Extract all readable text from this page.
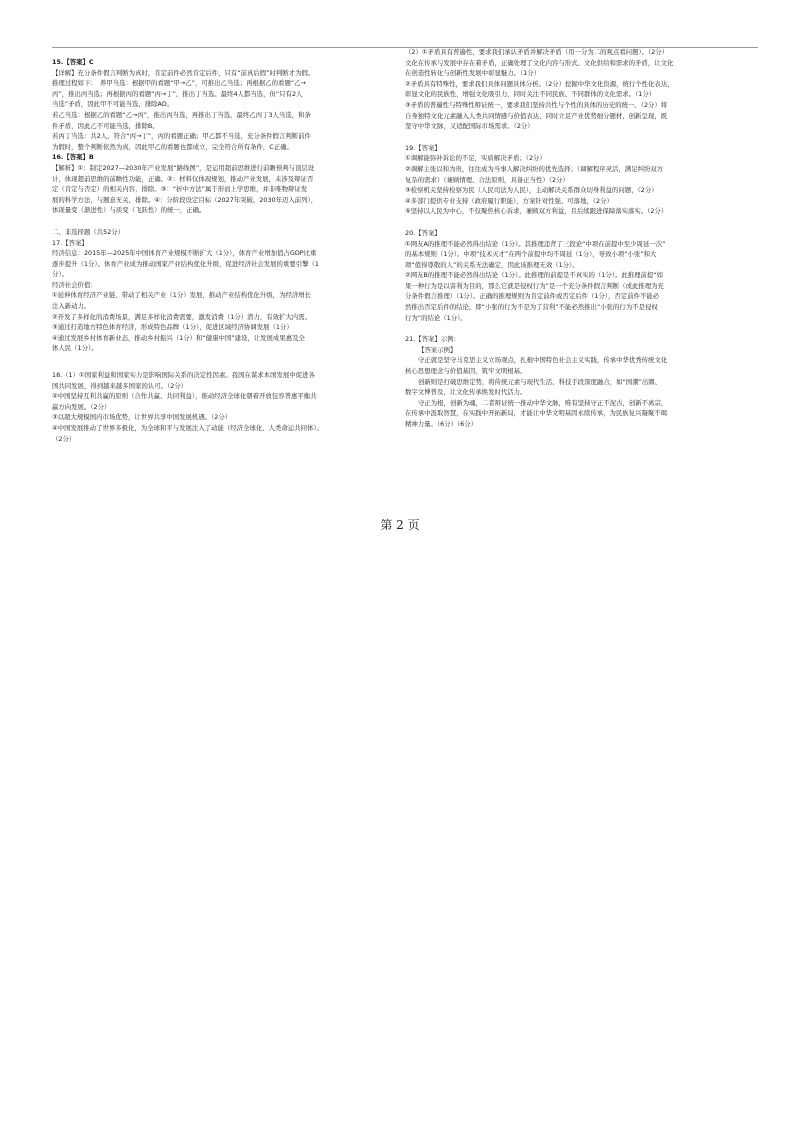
15.【答案】C

【详解】充分条件假言判断为真时，肯定前件必然肯定后件，只有“前真后假”时判断才为假。

推理过程如下：　养甲当选：根据甲的看题“甲→乙”，可推出乙当选；再根据乙的看题“乙→

丙”，推出丙当选；再根据丙的看题“丙→丁”，推出丁当选。最终4人都当选，但“只有2人

当选”矛盾，因此甲不可能当选，排除AD。

若乙当选：根据乙的看题“乙→丙”，推出丙当选，再推出丁当选，最终乙丙丁3人当选，和条

件矛盾，因此乙不可能当选，排除B。

若丙丁当选：共2人，符合“丙→丁”，丙的看题正确；甲乙都不当选，充分条件假言判断前件

为假时，整个判断依然为真，因此甲乙的看题也都成立，完全符合所有条件，C正确。

16.【答案】B

【解析】①：制定2027—2030年产业发展“路线图”，是运用超前思维进行前瞻预判与顶层设

计，体现超前思维的前瞻性功能，正确。②：材料仅体现规划，推动产业发展，未涉及辩证否

定（肯定与否定）的相关内容，排除。③：“折中方法”属于形而上学思维，并非唯物辩证发

展的科学方法，与题意无关，排除。④：分阶段设定目标（2027年突破、2030年迈入前列），

体现量变（渐进性）与质变（飞跃性）的统一，正确。

二、非选择题（共52分）

17.【答案】

经济信息：2015年—2025年中国体育产业规模不断扩大（1分），体育产业增加值占GDP比重

逐步提升（1分）。体育产业成为推动国家产业结构优化升级，促进经济社会发展的重要引擎（1

分）。

经济社会价值：

①延伸体育经济产业链，带动了相关产业（1分）发展，推动产业结构优化升级，为经济增长

注入新动力。

②开发了多样化的消费场景，满足多样化消费需要，激发消费（1分）潜力，有效扩大内需。

③通过打造地方特色体育经济，形成特色品牌（1分），促进区域经济协调发展（1分）

④通过发展乡村体育新业态，推动乡村振兴（1分）和“健康中国”建设，让发展成果惠及全

体人民（1分）。

18.（1）①国家利益和国家实力是影响国际关系的决定性因素。我国在谋求本国发展中促进各

国共同发展，得到越来越多国家的认可。（2分）

②中国坚持互利共赢的原则（合作共赢、共同利益），推动经济全球化朝着开放包容普惠平衡共

赢方向发展。（2分）

③以超大规模国内市场优势，让世界共享中国发展机遇。（2分）

④中国发展推动了世界多极化，为全球和平与发展注入了动能（经济全球化、人类命运共同体）。

（2分）

（2）①矛盾具有普遍性，要求我们承认矛盾并解决矛盾（用一分为二的观点看问题）。（2分）

文化在传承与发展中存在着矛盾，正确处理了文化内容与形式、文化供给和需求的矛盾，让文化

在创造性转化与创新性发展中彰显魅力。（1分）

②矛盾具有特殊性，要求我们具体问题具体分析。（2分）挖掘中华文化资源，统行个性化表达，

彰显文化的民族性，增强文化吸引力，同时关注不同民族、不同群体的文化需求。（1分）

③矛盾的普遍性与特殊性辩证统一，要求我们坚持共性与个性的具体的历史的统一。（2分）将

自身独特文化元素融入人类共同情感与价值表达，同时立足产业优势细分题材、创新呈现，既

坚守中华文脉，又适配国际市场需求。（2分）

19.【答案】

①调解能弥补诉讼的不足，实质解决矛盾；（2分）

②调解主张以和为贵，往往成为当事人解决纠纷的优先选择；（调解程序灵活，满足纠纷双方

复杂的需求）（兼顾情理、合法原则，具备正当性）（2分）

③检察机关坚持检察为民（人民司法为人民），主动解决关系群众切身利益的问题，（2分）

④多部门提供专业支持（政府履行职能），方案针对性强、可落地，（2分）

⑤坚持以人民为中心，不仅聚焦核心诉求、兼顾双方利益，且后续跟进保障落实落实。（2分）

20.【答案】

①网友A的推理不能必然得出结论（1分）。其推理违背了三段论“中项在前提中至少周延一次”

的基本规则（1分）。中项“技术灭才”在两个前提中均不周延（1分），导致小项“小张”和大

项“值得尊敬的人”的关系无法确定，因此该推理无效（1分）。

②网友B的推理不能必然得出结论（1分）。此推理的前提是不真实的（1分）。此推理前提“如

果一种行为是以害利为目的，那么它就是侵权行为”是一个充分条件假言判断（或此推理为充

分条件假言推理）（1分）。正确的推理规则为肯定前件或否定后件（1分），否定前件不能必

然推出否定后件的结论，即“小张的行为不是为了营利”不能必然推出“小张的行为不是侵权

行为”的结论（1分）。

21.【答案】示例：

【答案示例】

守正就是坚守马克思主义立场观点，扎根中国特色社会主义实践，传承中华优秀传统文化

核心思想理念与价值基因，筑牢文明根基。

创新则是打破思维定势，将传统元素与现代生活、科技手段深度融合，如“国潮”出圈、

数字文博普及，让文化传承焕发时代活力。

守正为根，创新为魂，二者辩证统一推动中华文脉，唯有坚持守正不泥古，创新不离宗，

在传承中汲取智慧，在实践中开拓新局，才能让中华文明基因永续传承，为民族复兴凝聚不竭

精神力量。（6分）（6分）

第 2 页
